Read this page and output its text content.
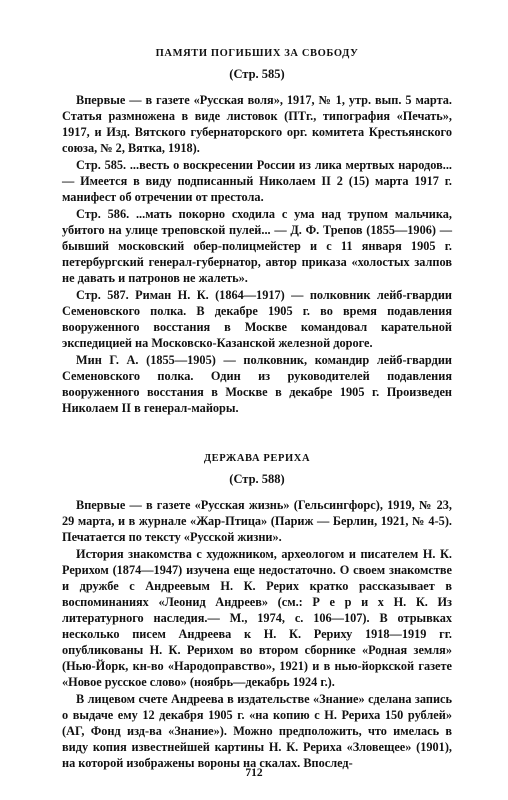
ПАМЯТИ ПОГИБШИХ ЗА СВОБОДУ
(Стр. 585)

Впервые — в газете «Русская воля», 1917, № 1, утр. вып. 5 марта. Статья размножена в виде листовок (ПТг., типография «Печать», 1917, и Изд. Вятского губернаторского орг. комитета Крестьянского союза, № 2, Вятка, 1918).

Стр. 585. ...весть о воскресении России из лика мертвых народов... — Имеется в виду подписанный Николаем II 2 (15) марта 1917 г. манифест об отречении от престола.

Стр. 586. ...мать покорно сходила с ума над трупом мальчика, убитого на улице треповской пулей... — Д. Ф. Трепов (1855—1906) — бывший московский обер-полицмейстер и с 11 января 1905 г. петербургский генерал-губернатор, автор приказа «холостых залпов не давать и патронов не жалеть».

Стр. 587. Риман Н. К. (1864—1917) — полковник лейб-гвардии Семеновского полка. В декабре 1905 г. во время подавления вооруженного восстания в Москве командовал карательной экспедицией на Московско-Казанской железной дороге.

Мин Г. А. (1855—1905) — полковник, командир лейб-гвардии Семеновского полка. Один из руководителей подавления вооруженного восстания в Москве в декабре 1905 г. Произведен Николаем II в генерал-майоры.

ДЕРЖАВА РЕРИХА
(Стр. 588)

Впервые — в газете «Русская жизнь» (Гельсингфорс), 1919, № 23, 29 марта, и в журнале «Жар-Птица» (Париж — Берлин, 1921, № 4-5). Печатается по тексту «Русской жизни».

История знакомства с художником, археологом и писателем Н. К. Рерихом (1874—1947) изучена еще недостаточно. О своем знакомстве и дружбе с Андреевым Н. К. Рерих кратко рассказывает в воспоминаниях «Леонид Андреев» (см.: Р е р и х Н. К. Из литературного наследия.— М., 1974, с. 106—107). В отрывках несколько писем Андреева к Н. К. Рериху 1918—1919 гг. опубликованы Н. К. Рерихом во втором сборнике «Родная земля» (Нью-Йорк, кн-во «Народоправство», 1921) и в нью-йоркской газете «Новое русское слово» (ноябрь—декабрь 1924 г.).

В лицевом счете Андреева в издательстве «Знание» сделана запись о выдаче ему 12 декабря 1905 г. «на копию с Н. Рериха 150 рублей» (АГ, Фонд изд-ва «Знание»). Можно предположить, что имелась в виду копия известнейшей картины Н. К. Рериха «Зловещее» (1901), на которой изображены вороны на скалах. Впослед-

712
